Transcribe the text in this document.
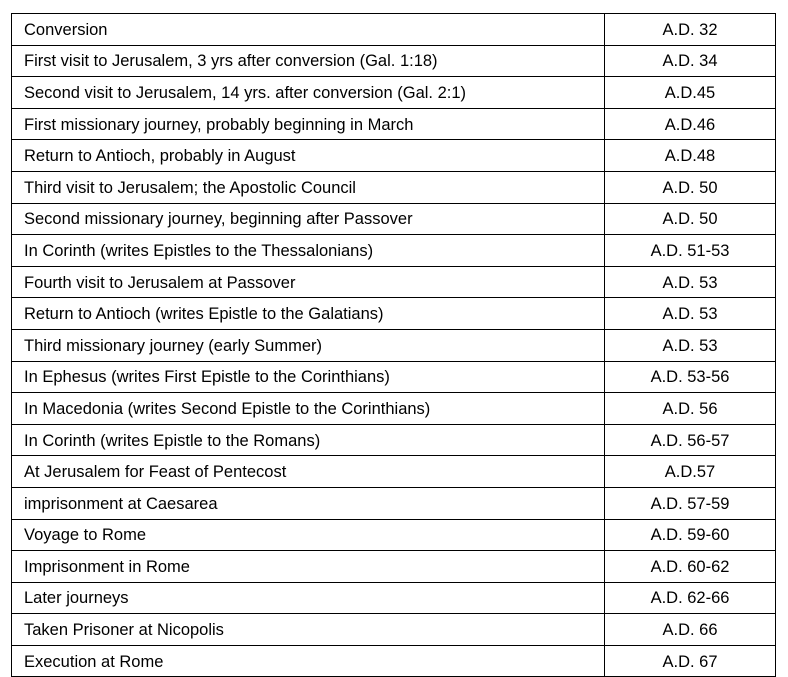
Conversion	A.D. 32
First visit to Jerusalem, 3 yrs after conversion (Gal. 1:18)	A.D. 34
Second visit to Jerusalem, 14 yrs. after conversion (Gal. 2:1)	A.D.45
First missionary journey, probably beginning in March	A.D.46
Return to Antioch, probably in August	A.D.48
Third visit to Jerusalem; the Apostolic Council	A.D. 50
Second missionary journey, beginning after Passover	A.D. 50
In Corinth (writes Epistles to the Thessalonians)	A.D. 51-53
Fourth visit to Jerusalem at Passover	A.D. 53
Return to Antioch (writes Epistle to the Galatians)	A.D. 53
Third missionary journey (early Summer)	A.D. 53
In Ephesus (writes First Epistle to the Corinthians)	A.D. 53-56
In Macedonia (writes Second Epistle to the Corinthians)	A.D. 56
In Corinth (writes Epistle to the Romans)	A.D. 56-57
At Jerusalem for Feast of Pentecost	A.D.57
imprisonment at Caesarea	A.D. 57-59
Voyage to Rome	A.D. 59-60
Imprisonment in Rome	A.D. 60-62
Later journeys	A.D. 62-66
Taken Prisoner at Nicopolis	A.D. 66
Execution at Rome	A.D. 67
